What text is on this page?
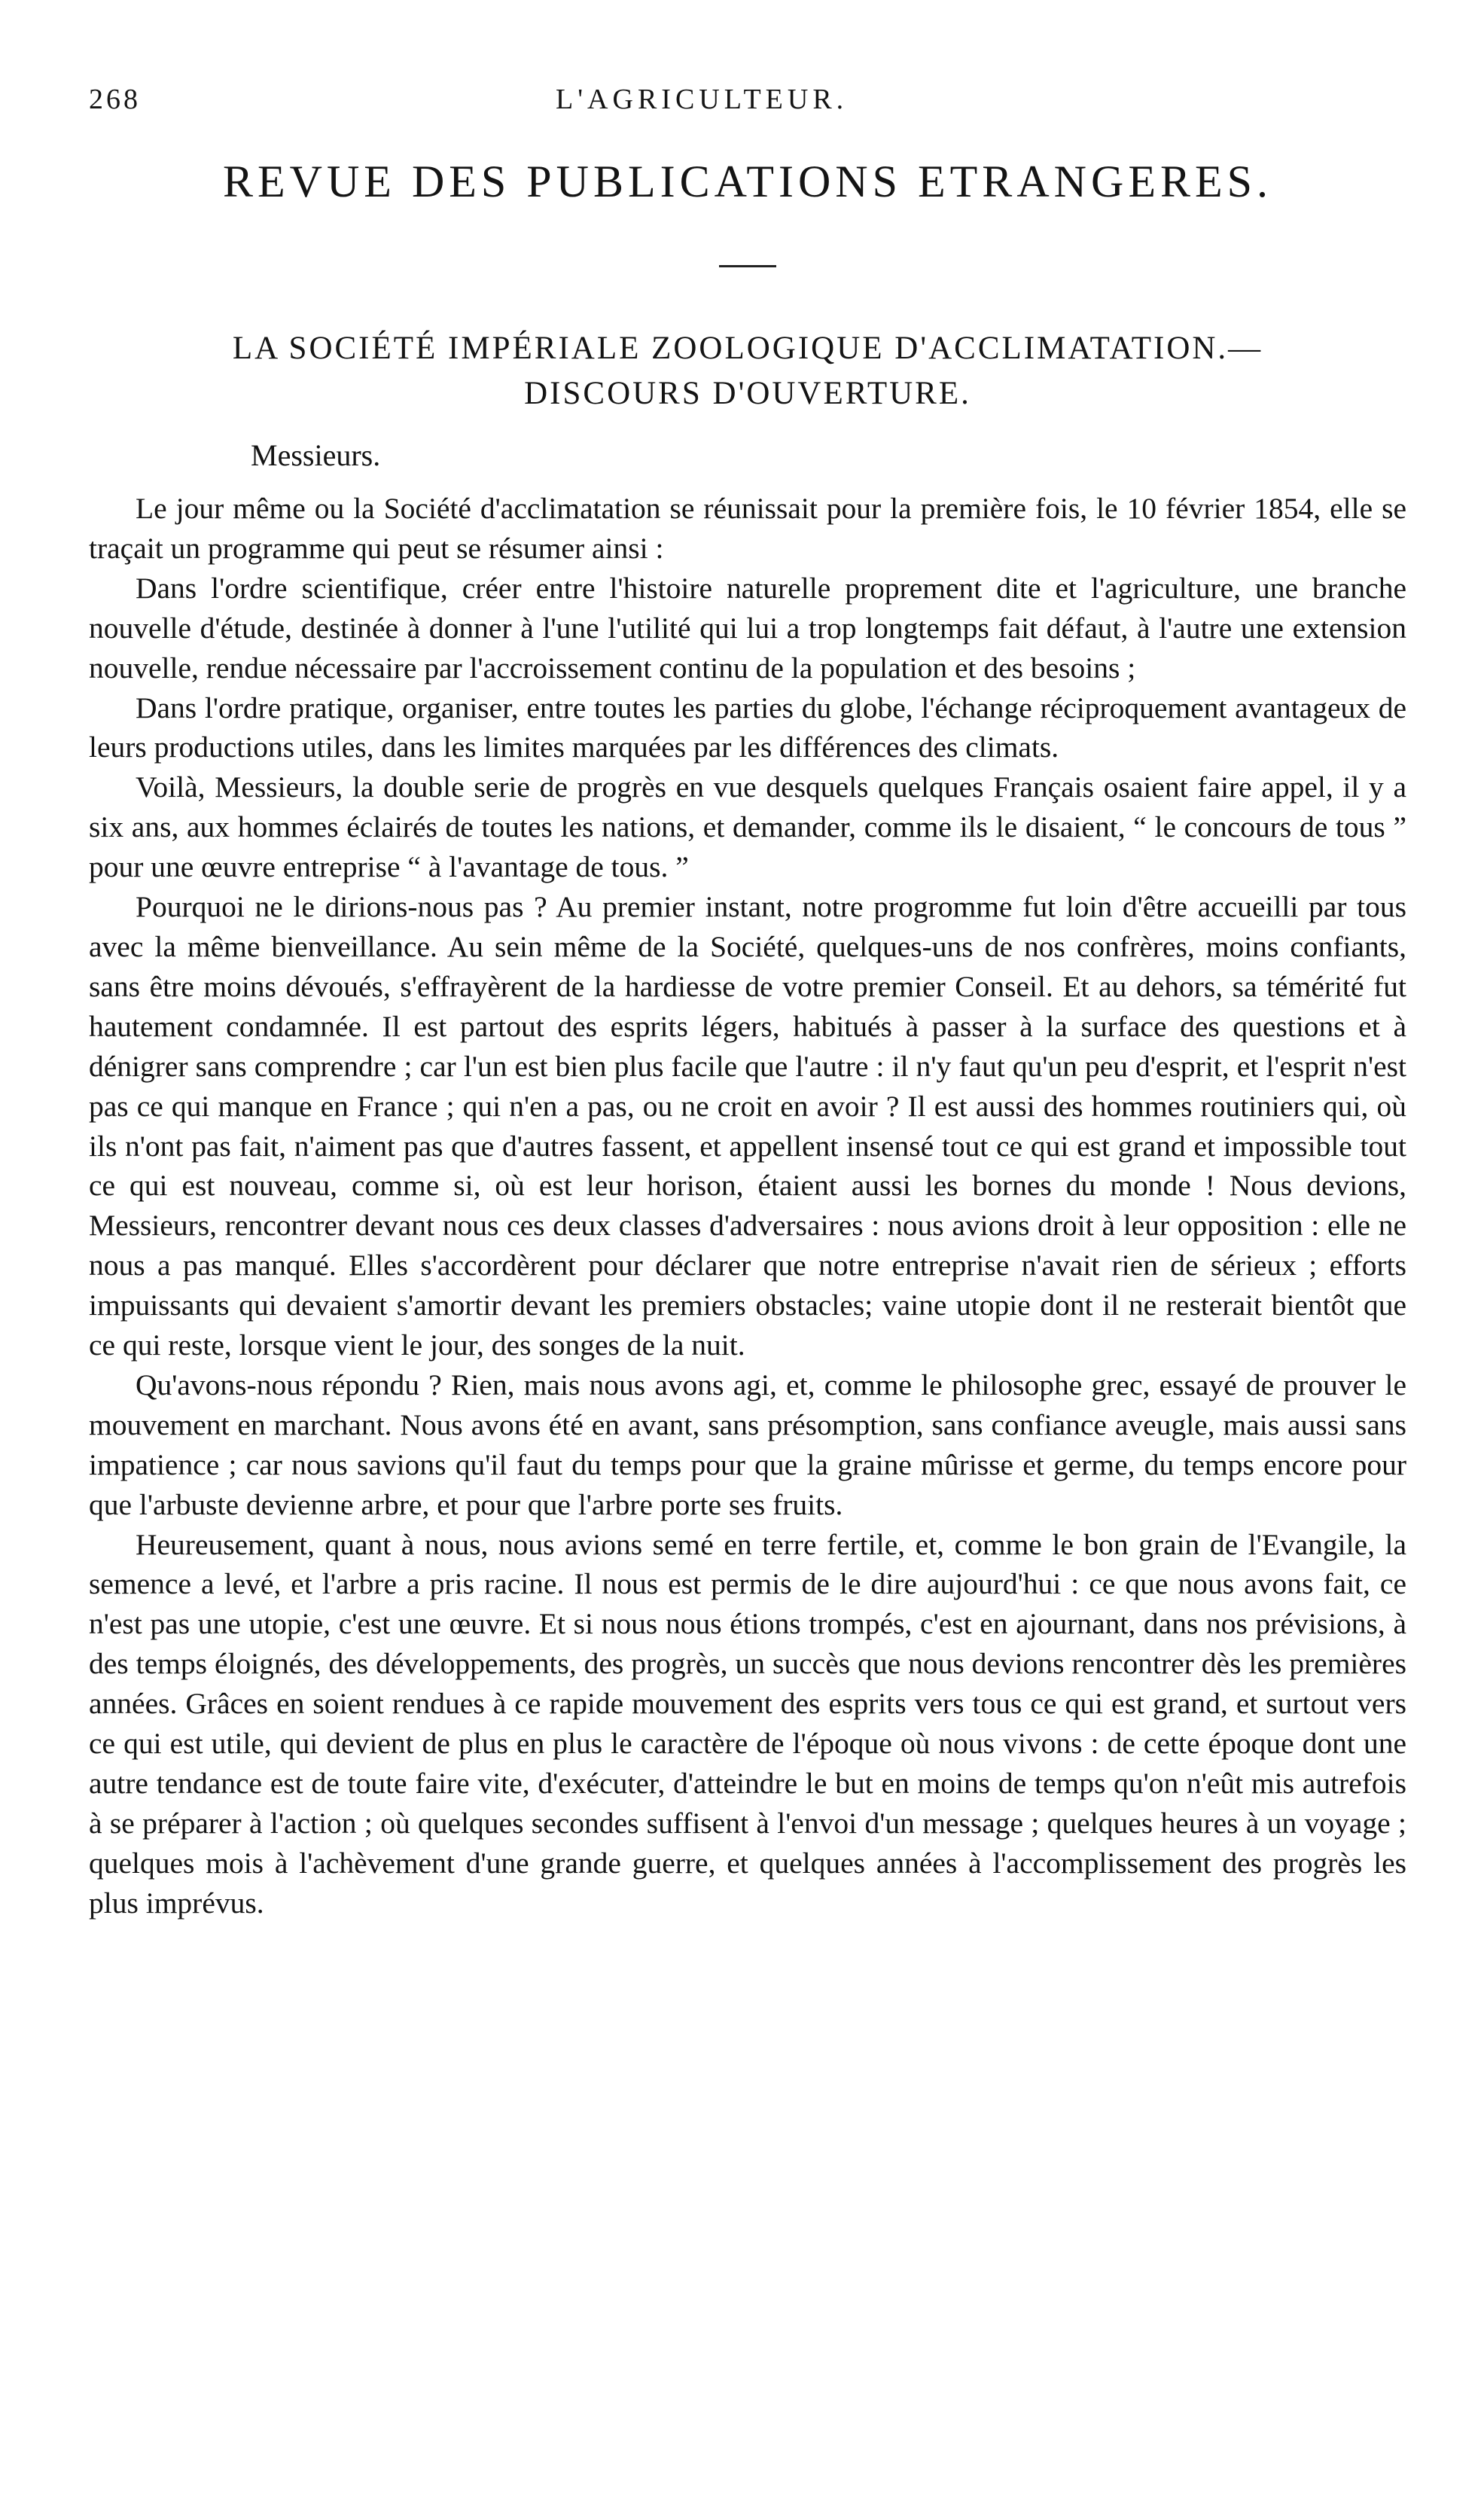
268	L'AGRICULTEUR.
REVUE DES PUBLICATIONS ETRANGERES.
LA SOCIÉTÉ IMPÉRIALE ZOOLOGIQUE D'ACCLIMATATION.—
DISCOURS D'OUVERTURE.

Messieurs.

Le jour même ou la Société d'acclimatation se réunissait pour la première fois, le 10 février 1854, elle se traçait un programme qui peut se résumer ainsi :

Dans l'ordre scientifique, créer entre l'histoire naturelle proprement dite et l'agriculture, une branche nouvelle d'étude, destinée à donner à l'une l'utilité qui lui a trop longtemps fait défaut, à l'autre une extension nouvelle, rendue nécessaire par l'accroissement continu de la population et des besoins ;

Dans l'ordre pratique, organiser, entre toutes les parties du globe, l'échange réciproquement avantageux de leurs productions utiles, dans les limites marquées par les différences des climats.

Voilà, Messieurs, la double serie de progrès en vue desquels quelques Français osaient faire appel, il y a six ans, aux hommes éclairés de toutes les nations, et demander, comme ils le disaient, “ le concours de tous ” pour une œuvre entreprise “ à l'avantage de tous. ”

Pourquoi ne le dirions-nous pas ? Au premier instant, notre progromme fut loin d'être accueilli par tous avec la même bienveillance. Au sein même de la Société, quelques-uns de nos confrères, moins confiants, sans être moins dévoués, s'effrayèrent de la hardiesse de votre premier Conseil. Et au dehors, sa témérité fut hautement condamnée. Il est partout des esprits légers, habitués à passer à la surface des questions et à dénigrer sans comprendre ; car l'un est bien plus facile que l'autre : il n'y faut qu'un peu d'esprit, et l'esprit n'est pas ce qui manque en France ; qui n'en a pas, ou ne croit en avoir ? Il est aussi des hommes routiniers qui, où ils n'ont pas fait, n'aiment pas que d'autres fassent, et appellent insensé tout ce qui est grand et impossible tout ce qui est nouveau, comme si, où est leur horison, étaient aussi les bornes du monde ! Nous devions, Messieurs, rencontrer devant nous ces deux classes d'adversaires : nous avions droit à leur opposition : elle ne nous a pas manqué. Elles s'accordèrent pour déclarer que notre entreprise n'avait rien de sérieux ; efforts impuissants qui devaient s'amortir devant les premiers obstacles; vaine utopie dont il ne resterait bientôt que ce qui reste, lorsque vient le jour, des songes de la nuit.

Qu'avons-nous répondu ? Rien, mais nous avons agi, et, comme le philosophe grec, essayé de prouver le mouvement en marchant. Nous avons été en avant, sans présomption, sans confiance aveugle, mais aussi sans impatience ; car nous savions qu'il faut du temps pour que la graine mûrisse et germe, du temps encore pour que l'arbuste devienne arbre, et pour que l'arbre porte ses fruits.

Heureusement, quant à nous, nous avions semé en terre fertile, et, comme le bon grain de l'Evangile, la semence a levé, et l'arbre a pris racine. Il nous est permis de le dire aujourd'hui : ce que nous avons fait, ce n'est pas une utopie, c'est une œuvre. Et si nous nous étions trompés, c'est en ajournant, dans nos prévisions, à des temps éloignés, des développements, des progrès, un succès que nous devions rencontrer dès les premières années. Grâces en soient rendues à ce rapide mouvement des esprits vers tous ce qui est grand, et surtout vers ce qui est utile, qui devient de plus en plus le caractère de l'époque où nous vivons : de cette époque dont une autre tendance est de toute faire vite, d'exécuter, d'atteindre le but en moins de temps qu'on n'eût mis autrefois à se préparer à l'action ; où quelques secondes suffisent à l'envoi d'un message ; quelques heures à un voyage ; quelques mois à l'achèvement d'une grande guerre, et quelques années à l'accomplissement des progrès les plus imprévus.
